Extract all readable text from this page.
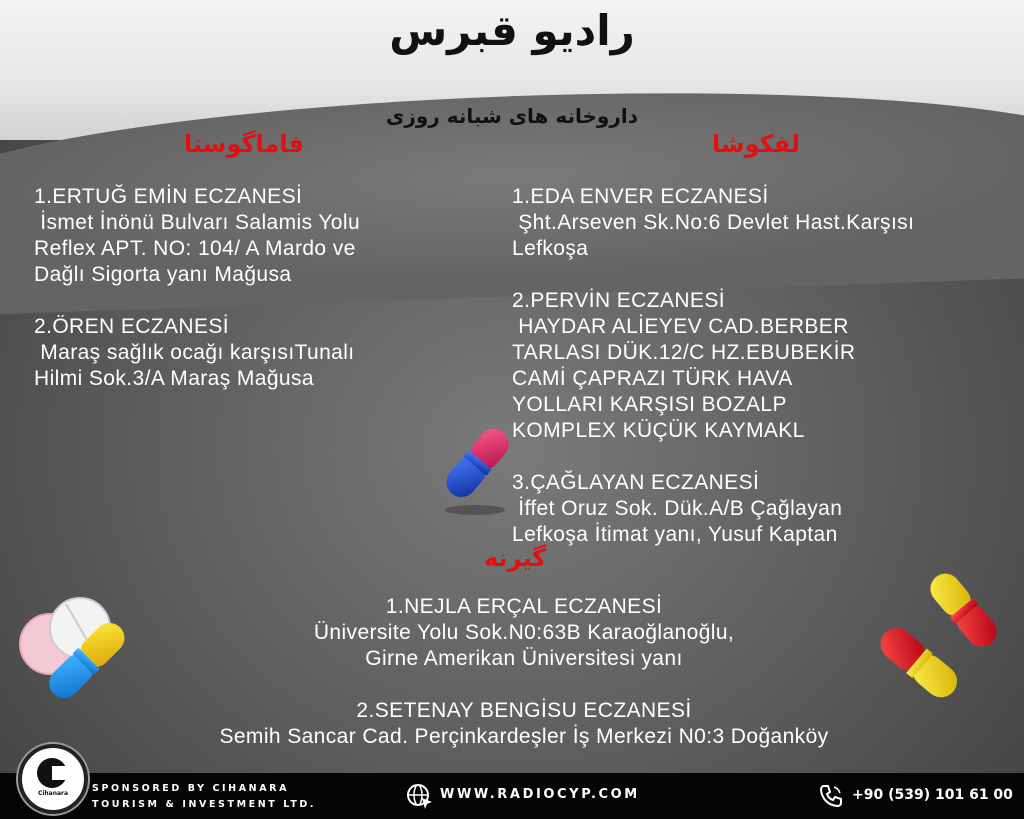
رادیو قبرس
داروخانه های شبانه روزی
فاماگوستا	لفکوشا
گیرنه

1.ERTUĞ EMİN ECZANESİ

İsmet İnönü Bulvarı Salamis Yolu

Reflex APT. NO: 104/ A Mardo ve

Dağlı Sigorta yanı Mağusa

2.ÖREN ECZANESİ

Maraş sağlık ocağı karşısıTunalı

Hilmi Sok.3/A Maraş Mağusa

1.EDA ENVER ECZANESİ

Şht.Arseven Sk.No:6 Devlet Hast.Karşısı

Lefkoşa

2.PERVİN ECZANESİ

HAYDAR ALİEYEV CAD.BERBER

TARLASI DÜK.12/C HZ.EBUBEKİR

CAMİ ÇAPRAZI TÜRK HAVA

YOLLARI KARŞISI BOZALP

KOMPLEX KÜÇÜK KAYMAKL

3.ÇAĞLAYAN ECZANESİ

İffet Oruz Sok. Dük.A/B Çağlayan

Lefkoşa İtimat yanı, Yusuf Kaptan

1.NEJLA ERÇAL ECZANESİ

Üniversite Yolu Sok.N0:63B Karaoğlanoğlu,

Girne Amerikan Üniversitesi yanı

2.SETENAY BENGİSU ECZANESİ

Semih Sancar Cad. Perçinkardeşler İş Merkezi N0:3 Doğanköy

SPONSORED BY CIHANARA
TOURISM & INVESTMENT LTD.
WWW.RADIOCYP.COM	+90 (539) 101 61 00
Cihanara
